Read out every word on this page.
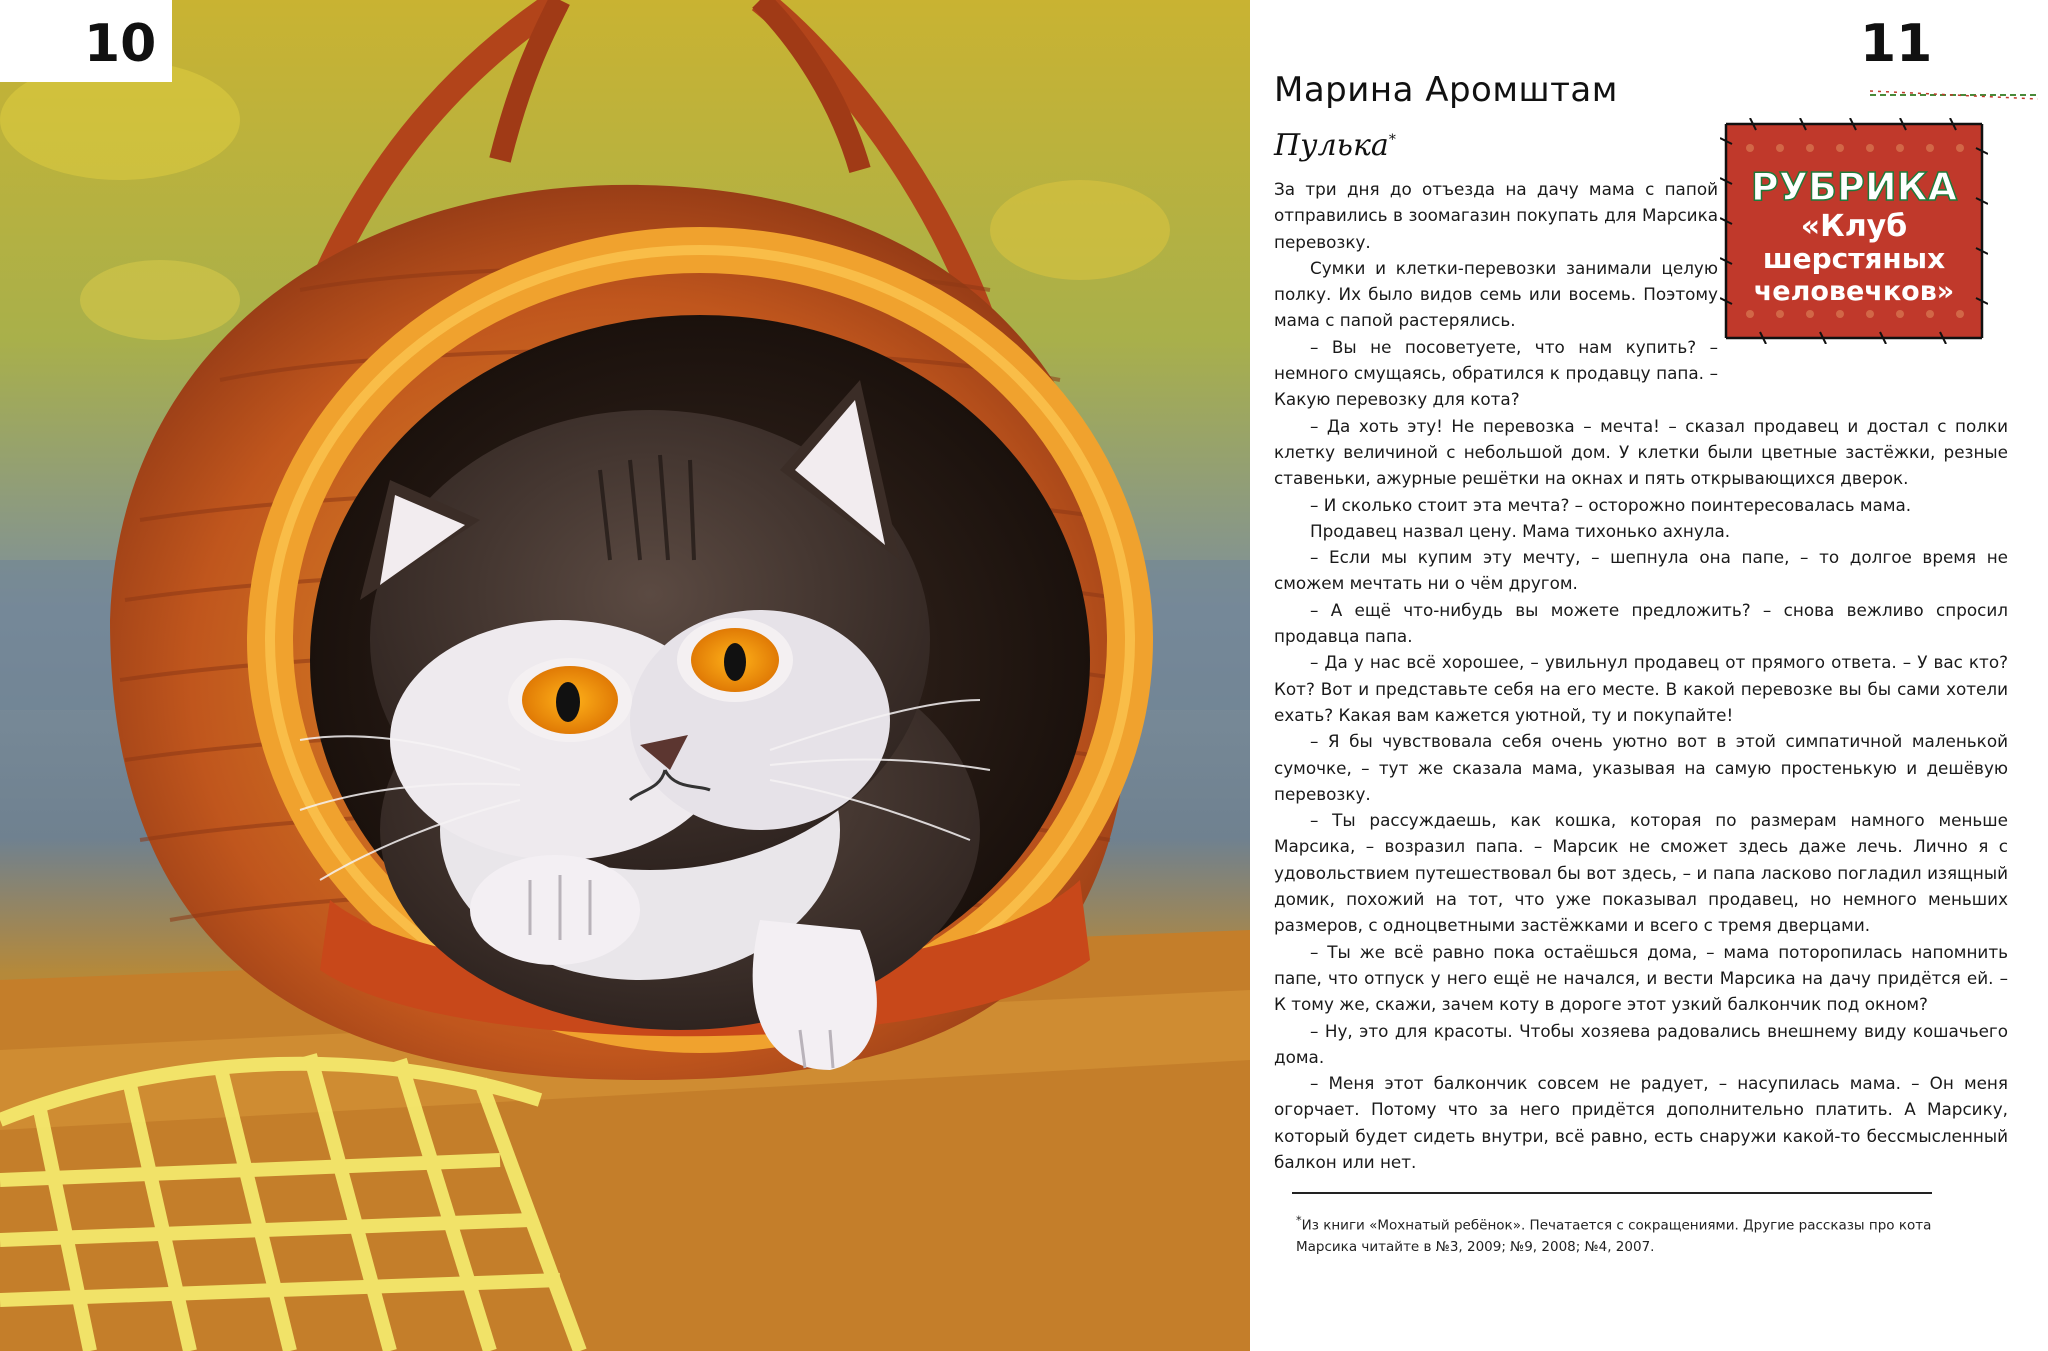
10	11
Марина Аромштам
Пулька*
РУБРИКА
«Клуб
шерстяных
человечков»

За три дня до отъезда на дачу мама с папой отправились в зоомагазин покупать для Марсика перевозку.

Сумки и клетки-перевозки занимали целую полку. Их было видов семь или восемь. Поэтому мама с папой растерялись.

– Вы не посоветуете, что нам купить? – немного смущаясь, обратился к продавцу папа. – Какую перевозку для кота?

– Да хоть эту! Не перевозка – мечта! – сказал продавец и достал с полки клетку величиной с небольшой дом. У клетки были цветные застёжки, резные ставеньки, ажурные решётки на окнах и пять открывающихся дверок.

– И сколько стоит эта мечта? – осторожно поинтересовалась мама.

Продавец назвал цену. Мама тихонько ахнула.

– Если мы купим эту мечту, – шепнула она папе, – то долгое время не сможем мечтать ни о чём другом.

– А ещё что-нибудь вы можете предложить? – снова вежливо спросил продавца папа.

– Да у нас всё хорошее, – увильнул продавец от прямого ответа. – У вас кто? Кот? Вот и представьте себя на его месте. В какой перевозке вы бы сами хотели ехать? Какая вам кажется уютной, ту и покупайте!

– Я бы чувствовала себя очень уютно вот в этой симпатичной маленькой сумочке, – тут же сказала мама, указывая на самую простенькую и дешёвую перевозку.

– Ты рассуждаешь, как кошка, которая по размерам намного меньше Марсика, – возразил папа. – Марсик не сможет здесь даже лечь. Лично я с удовольствием путешествовал бы вот здесь, – и папа ласково погладил изящный домик, похожий на тот, что уже показывал продавец, но немного меньших размеров, с одноцветными застёжками и всего с тремя дверцами.

– Ты же всё равно пока остаёшься дома, – мама поторопилась напомнить папе, что отпуск у него ещё не начался, и вести Марсика на дачу придётся ей. – К тому же, скажи, зачем коту в дороге этот узкий балкончик под окном?

– Ну, это для красоты. Чтобы хозяева радовались внешнему виду кошачьего дома.

– Меня этот балкончик совсем не радует, – насупилась мама. – Он меня огорчает. Потому что за него придётся дополнительно платить. А Марсику, который будет сидеть внутри, всё равно, есть снаружи какой-то бессмысленный балкон или нет.

*Из книги «Мохнатый ребёнок». Печатается с сокращениями. Другие рассказы про кота Марсика читайте в №3, 2009; №9, 2008; №4, 2007.
